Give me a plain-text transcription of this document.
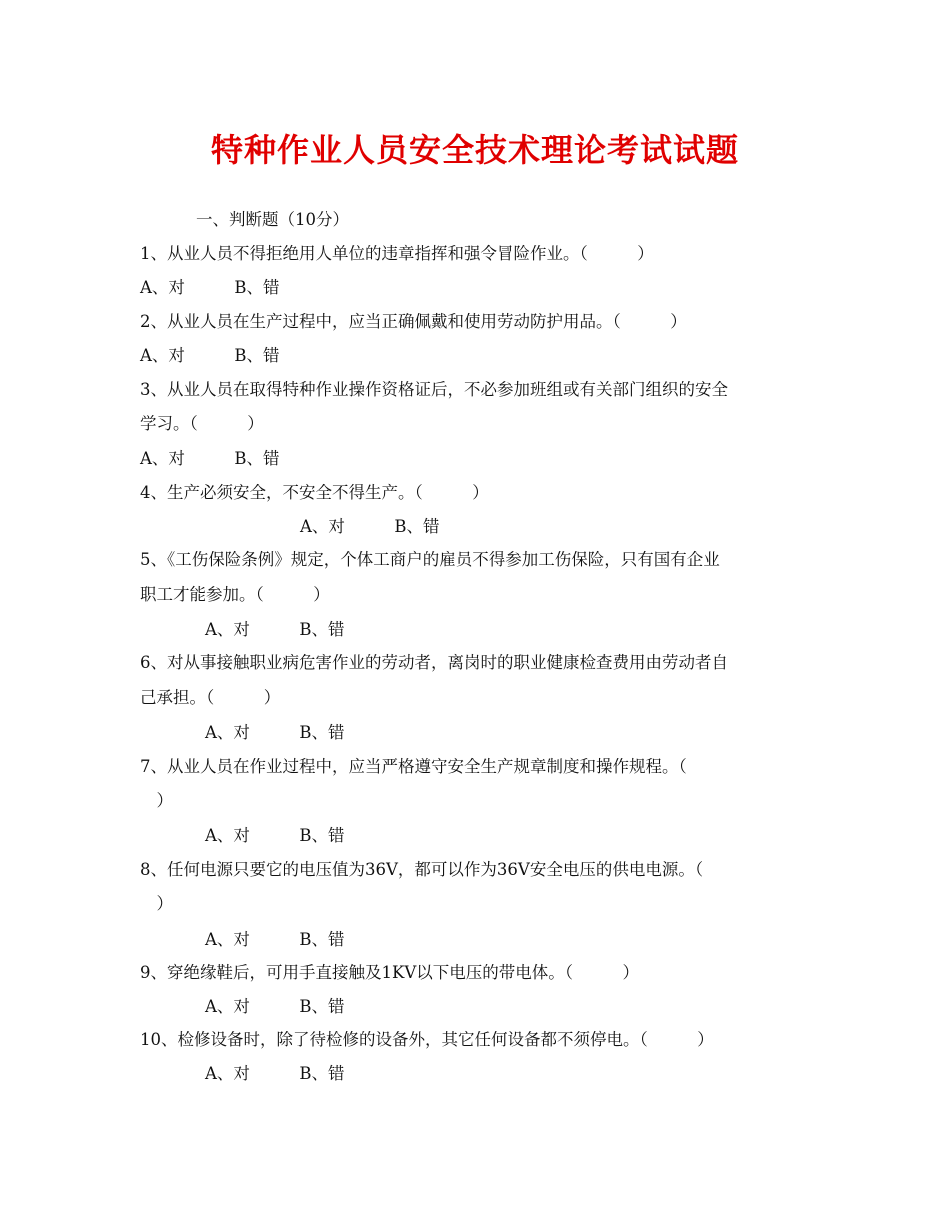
特种作业人员安全技术理论考试试题
一、判断题（10分）
1、从业人员不得拒绝用人单位的违章指挥和强令冒险作业。（　　　）
A、对　　　B、错
2、从业人员在生产过程中，应当正确佩戴和使用劳动防护用品。（　　　）
A、对　　　B、错
3、从业人员在取得特种作业操作资格证后，不必参加班组或有关部门组织的安全
学习。（　　　）
A、对　　　B、错
4、生产必须安全，不安全不得生产。（　　　）
A、对　　　B、错
5、《工伤保险条例》规定，个体工商户的雇员不得参加工伤保险，只有国有企业
职工才能参加。（　　　）
A、对　　　B、错
6、对从事接触职业病危害作业的劳动者，离岗时的职业健康检查费用由劳动者自
己承担。（　　　）
A、对　　　B、错
7、从业人员在作业过程中，应当严格遵守安全生产规章制度和操作规程。（
　）
A、对　　　B、错
8、任何电源只要它的电压值为36V，都可以作为36V安全电压的供电电源。（
　）
A、对　　　B、错
9、穿绝缘鞋后，可用手直接触及1KV以下电压的带电体。（　　　）
A、对　　　B、错
10、检修设备时，除了待检修的设备外，其它任何设备都不须停电。（　　　）
A、对　　　B、错
